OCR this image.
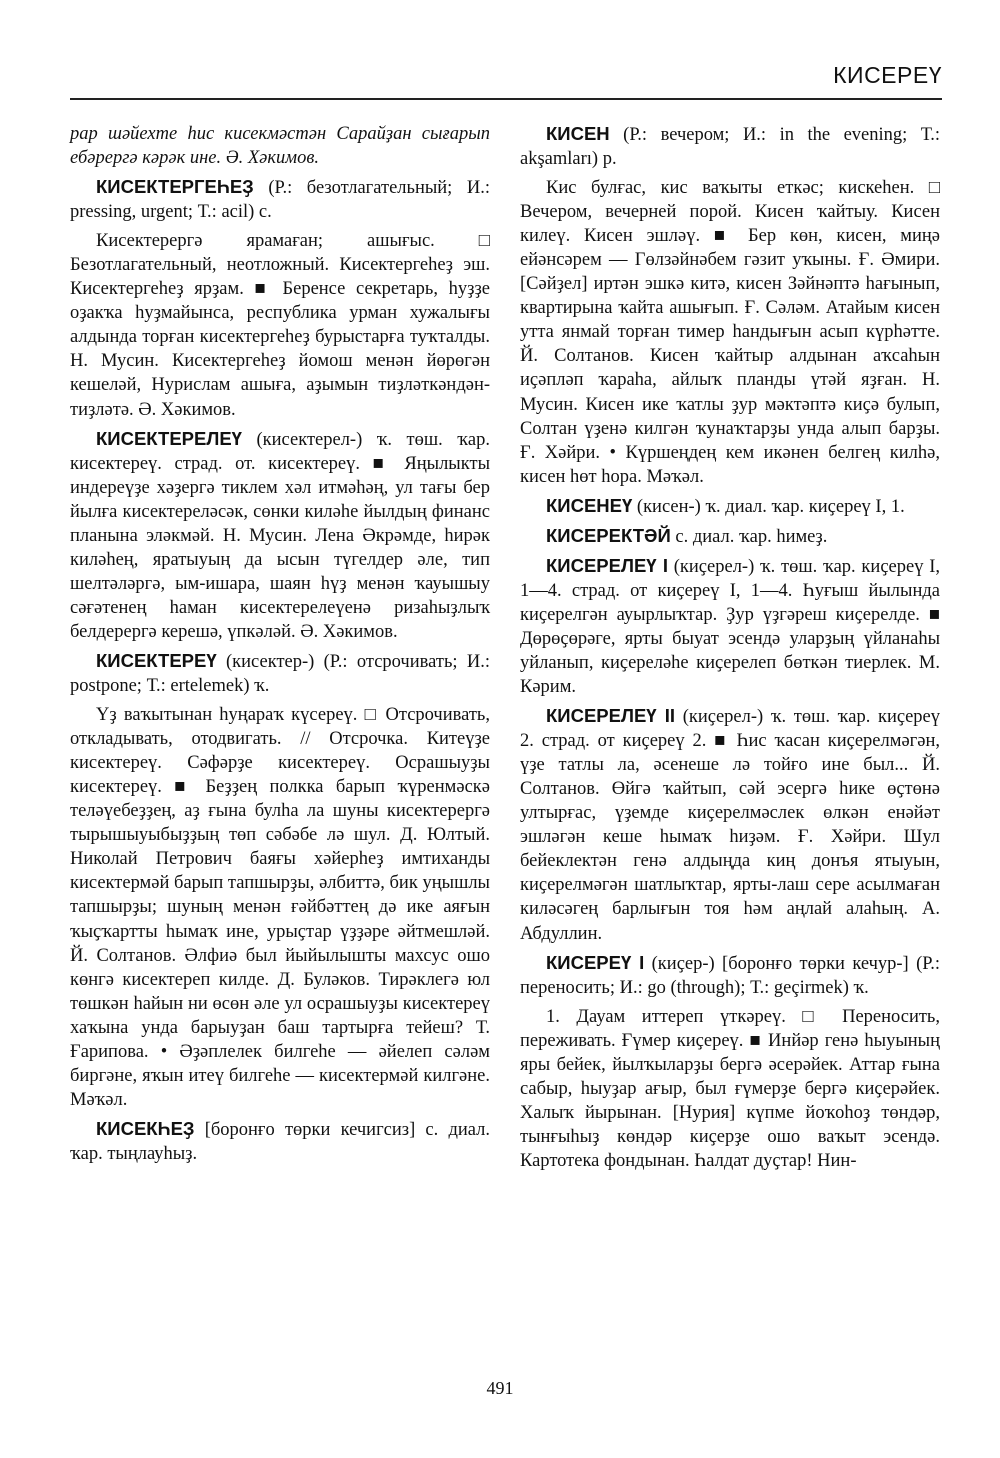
КИСЕРЕҮ

рар шәйехте һис кисекмәстән Сарайҙан сығарып ебәрергә кәрәк ине. Ә. Хәкимов.

КИСЕКТЕРГЕҺЕҘ (Р.: безотлагательный; И.: pressing, urgent; Т.: acil) с.

Кисектерергә ярамаған; ашығыс. □ Безотлагательный, неотложный. Кисектергеһеҙ эш. Кисектергеһеҙ ярҙам. ■ Беренсе секретарь, һуҙҙе оҙакҡа һуҙмайынса, республика урман хужалығы алдында торған кисектергеһеҙ бурыстарға туҡталды. Н. Мусин. Кисектергеһеҙ йомош менән йөрөгән кешеләй, Нурислам ашыға, аҙымын тиҙләткәндән-тиҙләтә. Ә. Хәкимов.

КИСЕКТЕРЕЛЕҮ (кисектерел-) ҡ. төш. ҡар. кисектереү. страд. от. кисектереү. ■ Яңылыкты индереүҙе хәҙергә тиклем хәл итмәһәң, ул тағы бер йылға кисектереләсәк, сөнки киләһе йылдың финанс планына эләкмәй. Н. Мусин. Лена Әкрәмде, һирәк киләһең, яратыуың да ысын түгелдер әле, тип шелтәләргә, ым-ишара, шаян һүҙ менән ҡауышыу сәғәтенең һаман кисектерелеүенә ризаһыҙлыҡ белдерергә керешә, үпкәләй. Ә. Хәкимов.

КИСЕКТЕРЕҮ (кисектер-) (Р.: отсрочивать; И.: postpone; Т.: ertelemek) ҡ.

Үҙ ваҡытынан һуңараҡ күсереү. □ Отсрочивать, откладывать, отодвигать. // Отсрочка. Китеүҙе кисектереү. Сәфәрҙе кисектереү. Осрашыуҙы кисектереү. ■ Беҙҙең полкка барып ҡүренмәскә теләүебеҙҙең, аҙ ғына булһа ла шуны кисектерергә тырышыуыбыҙҙың төп сәбәбе лә шул. Д. Юлтый. Николай Петрович баяғы хәйерһеҙ имтиханды кисектермәй барып тапшырҙы, әлбиттә, бик уңышлы тапшырҙы; шуның менән ғәйбәттең дә ике аяғын ҡыҫҡартты һымаҡ ине, урыҫтар үҙҙәре әйтмешләй. Й. Солтанов. Әлфиә был йыйылышты махсус ошо көнгә кисектереп килде. Д. Буләков. Тирәклегә юл төшкән һайын ни өсөн әле ул осрашыуҙы кисектереү хаҡына унда барыуҙан баш тартырға тейеш? Т. Ғарипова. • Әҙәплелек билгеһе — әйелеп сәләм биргәне, яҡын итеү билгеһе — кисектермәй килгәне. Мәҡәл.

КИСЕКҺЕҘ [боронғо төрки кечигсиз] с. диал. ҡар. тыңлауһыҙ.

КИСЕН (Р.: вечером; И.: in the evening; Т.: akşamları) р.

Кис булғас, кис ваҡыты еткәс; кискеһен. □ Вечером, вечерней порой. Кисен ҡайтыу. Кисен килеү. Кисен эшләү. ■ Бер көн, кисен, миңә ейәнсәрем — Гөлзәйнәбем гәзит уҡыны. Ғ. Әмири. [Сәйҙел] иртән эшкә китә, кисен Зәйнәптә һағынып, квартирына ҡайта ашығып. Ғ. Сәләм. Атайым кисен утта янмай торған тимер һандығын асып күрһәтте. Й. Солтанов. Кисен ҡайтыр алдынан аҡсаһын иҫәпләп ҡараһа, айлыҡ планды үтәй яҙған. Н. Мусин. Кисен ике ҡатлы ҙур мәктәптә киҫә булып, Солтан үҙенә килгән ҡунаҡтарҙы унда алып барҙы. Ғ. Хәйри. • Күршеңдең кем икәнен белгең килһә, кисен һөт һора. Мәҡәл.

КИСЕНЕҮ (кисен-) ҡ. диал. ҡар. киҫереү I, 1.

КИСЕРЕКТӘЙ с. диал. ҡар. һимеҙ.

КИСЕРЕЛЕҮ I (киҫерел-) ҡ. төш. ҡар. киҫереү I, 1—4. страд. от киҫереү I, 1—4. Һуғыш йылында киҫерелгән ауырлыҡтар. Ҙур үҙгәреш киҫерелде. ■ Дөрөҫөрәге, ярты быуат эсендә уларҙың үйланаһы уйланып, киҫереләһе киҫерелеп бөткән тиерлек. М. Кәрим.

КИСЕРЕЛЕҮ II (киҫерел-) ҡ. төш. ҡар. киҫереү 2. страд. от киҫереү 2. ■ Һис ҡасан киҫерелмәгән, үҙе татлы ла, әсенеше лә тойғо ине был... Й. Солтанов. Өйгә ҡайтып, сәй эсергә һике өҫтөнә ултырғас, үҙемде киҫерелмәслек өлкән енәйәт эшләгән кеше һымаҡ һиҙәм. Ғ. Хәйри. Шул бейеклектән генә алдыңда киң донъя ятыуын, киҫерелмәгән шатлыҡтар, ярты-лаш сере асылмаған киләсәгең барлығын тоя һәм аңлай алаһың. А. Абдуллин.

КИСЕРЕҮ I (киҫер-) [боронғо төрки кечур-] (Р.: переносить; И.: go (through); Т.: geçirmek) ҡ.

1. Дауам иттереп үткәреү. □ Переносить, переживать. Ғүмер киҫереү. ■ Инйәр генә һыуының яры бейек, йылҡыларҙы бергә әсерәйек. Аттар ғына сабыр, һыуҙар ағыр, был ғүмерҙе бергә киҫерәйек. Халыҡ йырынан. [Нурия] күпме йоҡоһоҙ төндәр, тынғыһыҙ көндәр киҫерҙе ошо ваҡыт эсендә. Картотека фондынан. Һалдат дуҫтар! Нин-

491
